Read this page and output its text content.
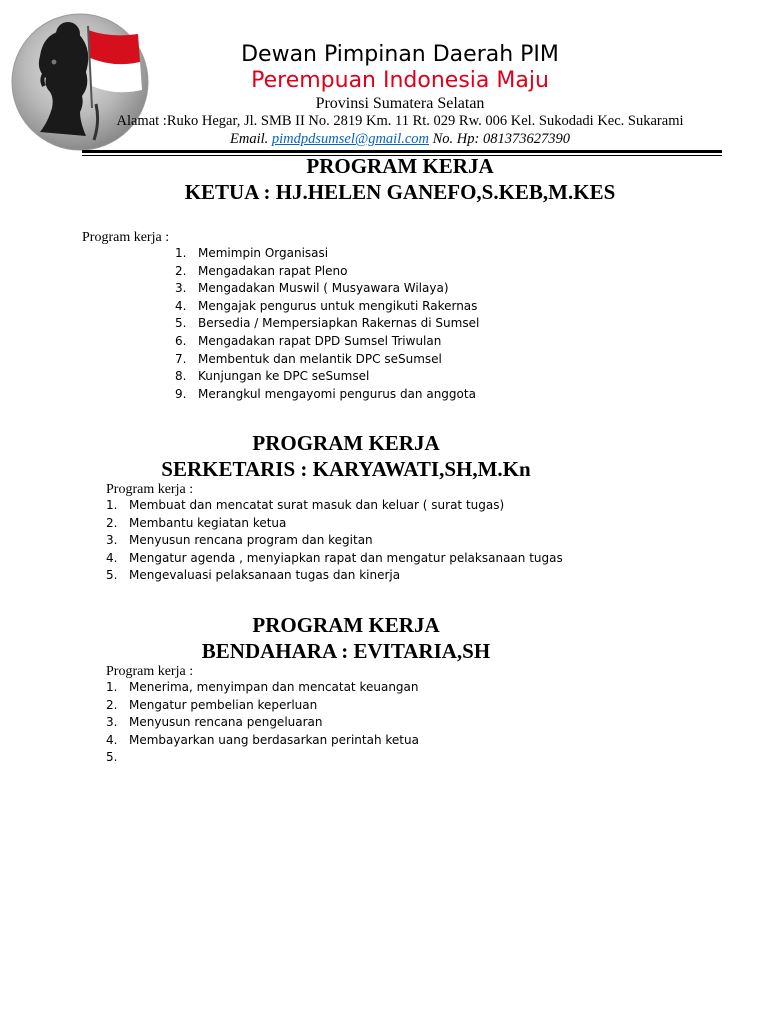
Dewan Pimpinan Daerah PIM
Perempuan Indonesia Maju
Provinsi Sumatera Selatan
Alamat :Ruko Hegar, Jl. SMB II No. 2819 Km. 11 Rt. 029 Rw. 006 Kel. Sukodadi Kec. Sukarami
Email. pimdpdsumsel@gmail.com No. Hp: 081373627390
PROGRAM KERJA
KETUA : HJ.HELEN GANEFO,S.KEB,M.KES
Program kerja :
1. Memimpin Organisasi
2. Mengadakan rapat Pleno
3. Mengadakan Muswil ( Musyawara Wilaya)
4. Mengajak pengurus untuk mengikuti Rakernas
5. Bersedia / Mempersiapkan Rakernas di Sumsel
6. Mengadakan rapat DPD Sumsel Triwulan
7. Membentuk dan melantik DPC seSumsel
8. Kunjungan ke DPC seSumsel
9. Merangkul mengayomi pengurus dan anggota
PROGRAM KERJA
SERKETARIS : KARYAWATI,SH,M.Kn
Program kerja :
1. Membuat dan mencatat surat masuk dan keluar ( surat tugas)
2. Membantu kegiatan ketua
3. Menyusun rencana program dan kegitan
4. Mengatur agenda , menyiapkan rapat dan mengatur pelaksanaan tugas
5. Mengevaluasi pelaksanaan tugas dan kinerja
PROGRAM KERJA
BENDAHARA : EVITARIA,SH
Program kerja :
1. Menerima, menyimpan dan mencatat keuangan
2. Mengatur pembelian keperluan
3. Menyusun rencana pengeluaran
4. Membayarkan uang berdasarkan perintah ketua
5.
